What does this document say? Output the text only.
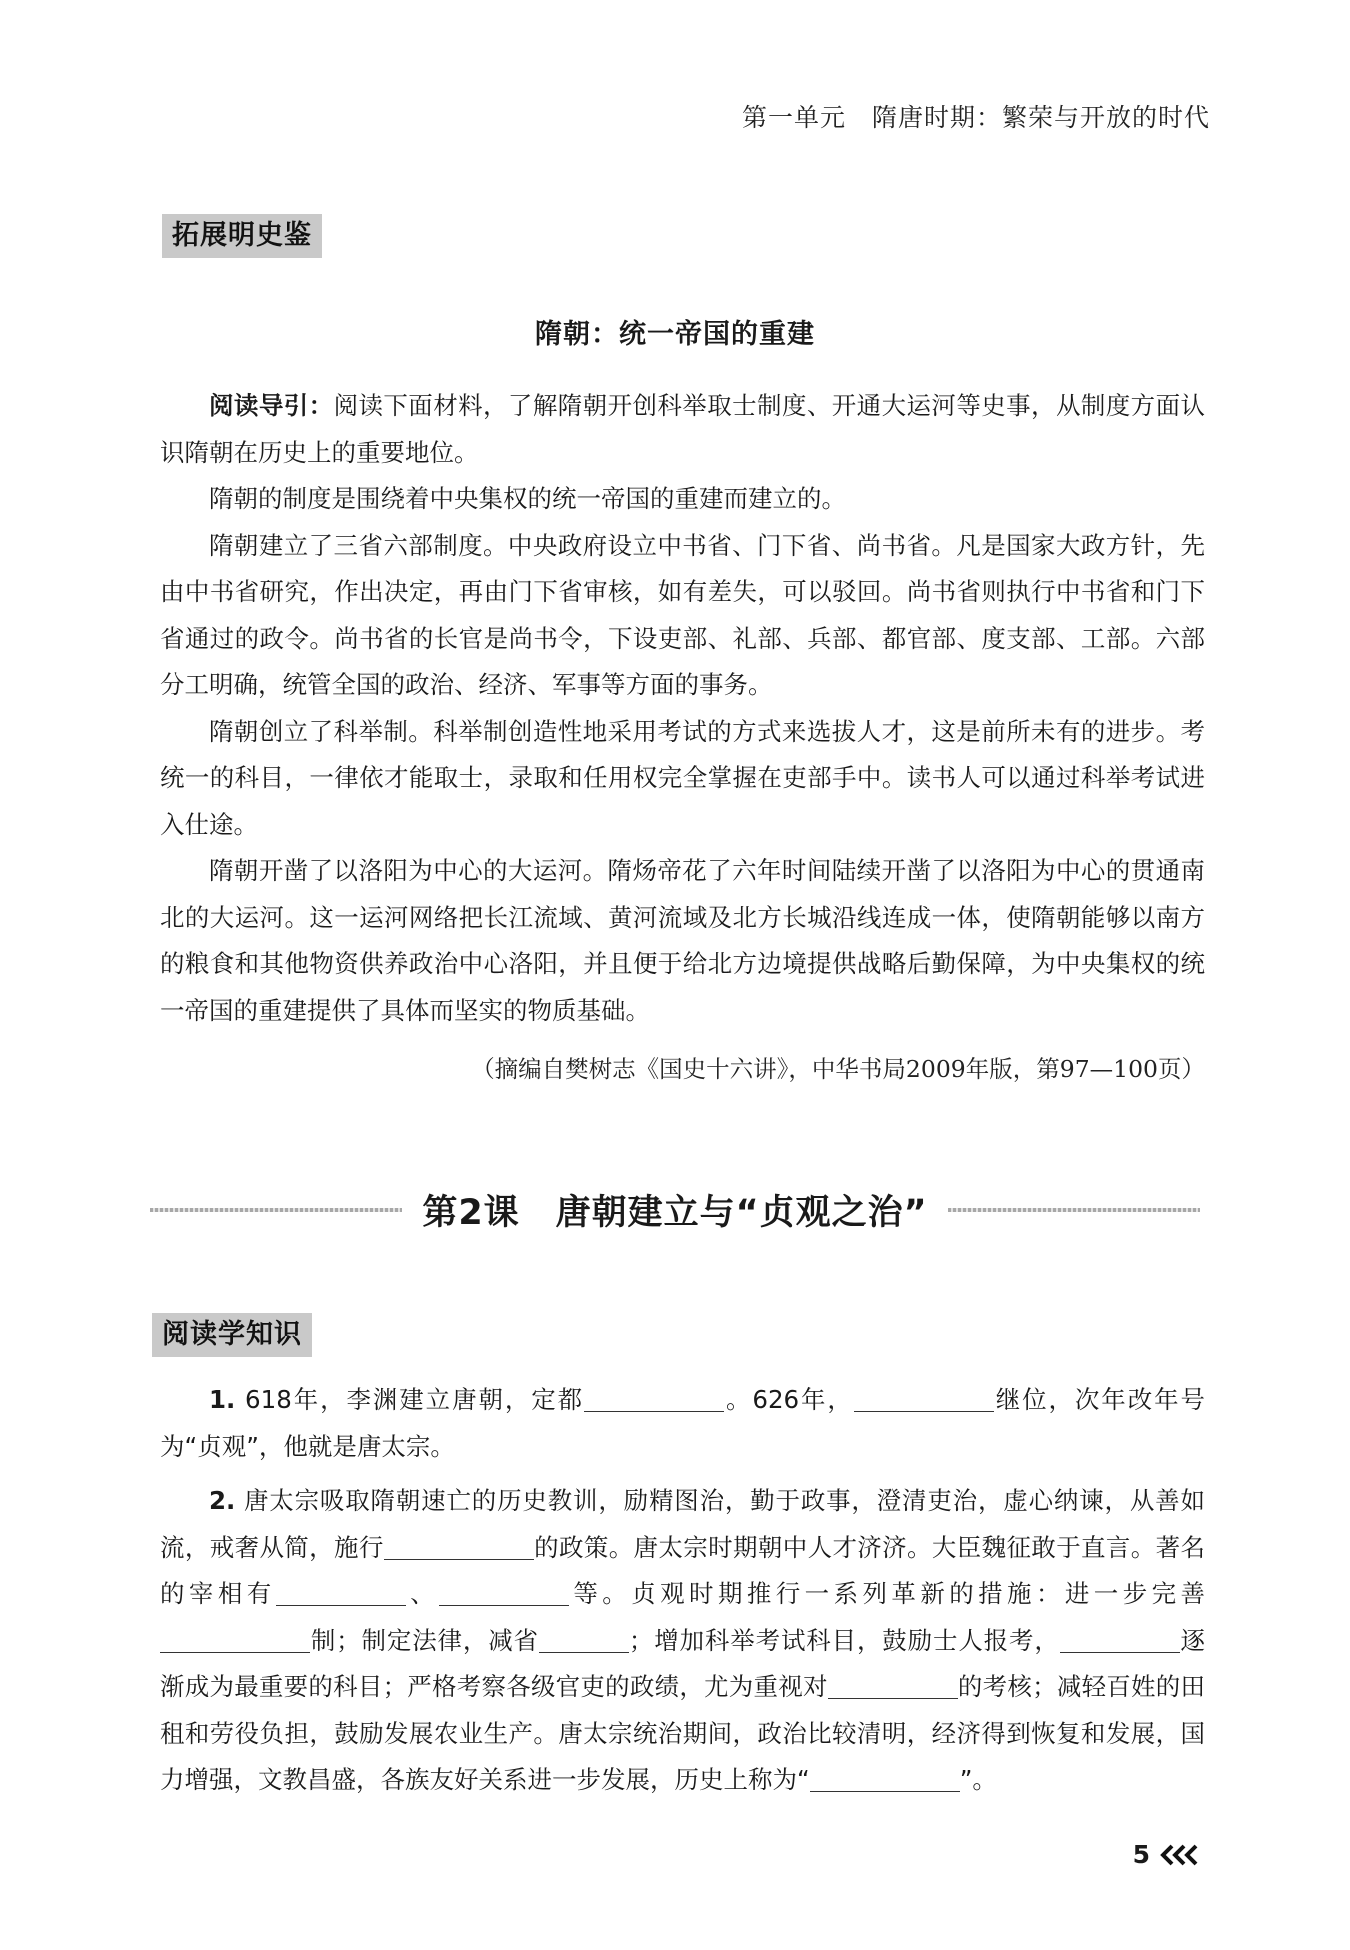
第一单元　隋唐时期：繁荣与开放的时代
拓展明史鉴
隋朝：统一帝国的重建

阅读导引：阅读下面材料，了解隋朝开创科举取士制度、开通大运河等史事，从制度方面认识隋朝在历史上的重要地位。

隋朝的制度是围绕着中央集权的统一帝国的重建而建立的。

隋朝建立了三省六部制度。中央政府设立中书省、门下省、尚书省。凡是国家大政方针，先由中书省研究，作出决定，再由门下省审核，如有差失，可以驳回。尚书省则执行中书省和门下省通过的政令。尚书省的长官是尚书令，下设吏部、礼部、兵部、都官部、度支部、工部。六部分工明确，统管全国的政治、经济、军事等方面的事务。

隋朝创立了科举制。科举制创造性地采用考试的方式来选拔人才，这是前所未有的进步。考统一的科目，一律依才能取士，录取和任用权完全掌握在吏部手中。读书人可以通过科举考试进入仕途。

隋朝开凿了以洛阳为中心的大运河。隋炀帝花了六年时间陆续开凿了以洛阳为中心的贯通南北的大运河。这一运河网络把长江流域、黄河流域及北方长城沿线连成一体，使隋朝能够以南方的粮食和其他物资供养政治中心洛阳，并且便于给北方边境提供战略后勤保障，为中央集权的统一帝国的重建提供了具体而坚实的物质基础。

（摘编自樊树志《国史十六讲》，中华书局2009年版，第97—100页）
第2课　唐朝建立与“贞观之治”
阅读学知识

1. 618年，李渊建立唐朝，定都	。626年，	继位，次年改年号为“贞观”，他就是唐太宗。

2. 唐太宗吸取隋朝速亡的历史教训，励精图治，勤于政事，澄清吏治，虚心纳谏，从善如流，戒奢从简，施行	的政策。唐太宗时期朝中人才济济。大臣魏征敢于直言。著名的宰相有	、	等。贞观时期推行一系列革新的措施：进一步完善制；制定法律，减省	；增加科举考试科目，鼓励士人报考，	逐渐成为最重要的科目；严格考察各级官吏的政绩，尤为重视对	的考核；减轻百姓的田租和劳役负担，鼓励发展农业生产。唐太宗统治期间，政治比较清明，经济得到恢复和发展，国力增强，文教昌盛，各族友好关系进一步发展，历史上称为“	”。

5
